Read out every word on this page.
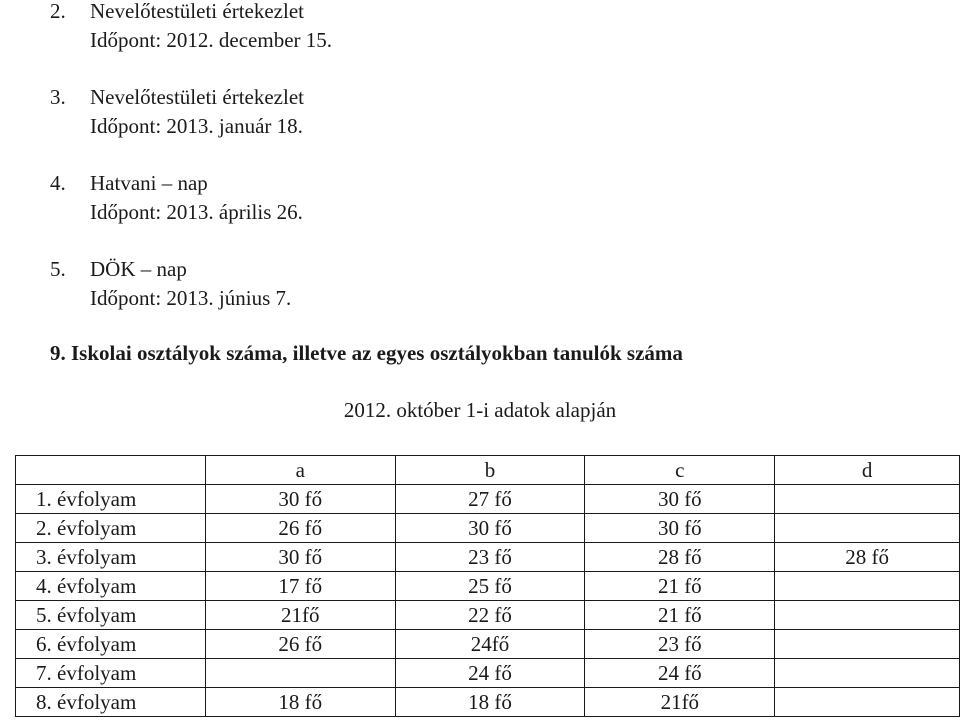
2. Nevelőtestületi értekezlet
Időpont: 2012. december 15.
3. Nevelőtestületi értekezlet
Időpont: 2013. január 18.
4. Hatvani – nap
Időpont: 2013. április 26.
5. DÖK – nap
Időpont: 2013. június 7.
9. Iskolai osztályok száma, illetve az egyes osztályokban tanulók száma
2012. október 1-i adatok alapján
	a	b	c	d
1. évfolyam	30 fő	27 fő	30 fő	
2. évfolyam	26 fő	30 fő	30 fő	
3. évfolyam	30 fő	23 fő	28 fő	28 fő
4. évfolyam	17 fő	25 fő	21 fő	
5. évfolyam	21fő	22 fő	21 fő	
6. évfolyam	26 fő	24fő	23 fő	
7. évfolyam		24 fő	24 fő	
8. évfolyam	18 fő	18 fő	21fő	
